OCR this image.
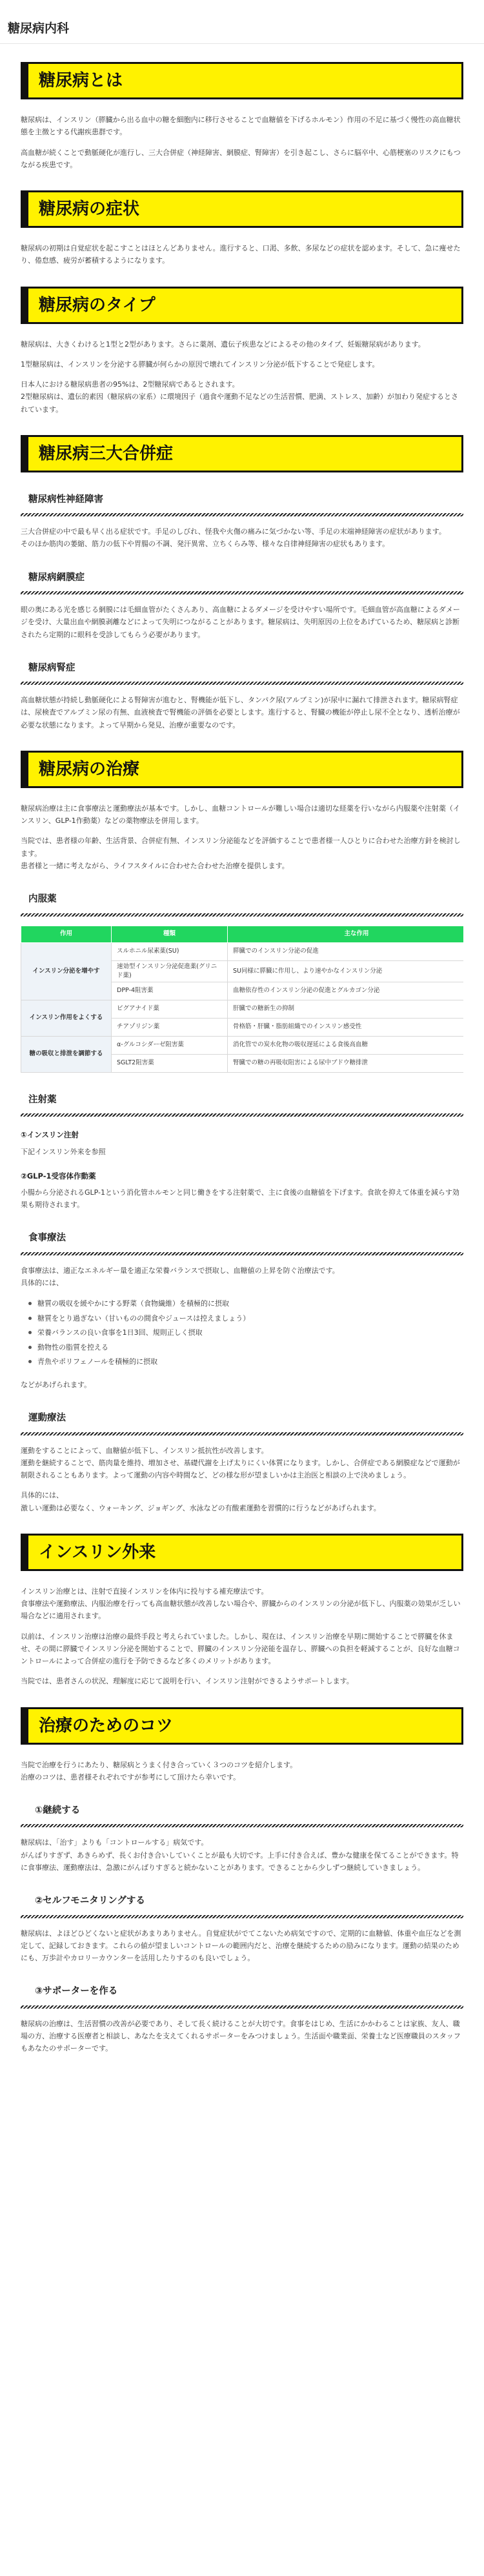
糖尿病内科
糖尿病とは

糖尿病は、インスリン（膵臓から出る血中の糖を細胞内に移行させることで血糖値を下げるホルモン）作用の不足に基づく慢性の高血糖状態を主徴とする代謝疾患群です。

高血糖が続くことで動脈硬化が進行し、三大合併症（神経障害、網膜症、腎障害）を引き起こし、さらに脳卒中、心筋梗塞のリスクにもつながる疾患です。

糖尿病の症状

糖尿病の初期は自覚症状を起こすことはほとんどありません。進行すると、口渇、多飲、多尿などの症状を認めます。そして、急に痩せたり、倦怠感、疲労が蓄積するようになります。

糖尿病のタイプ

糖尿病は、大きくわけると1型と2型があります。さらに薬剤、遺伝子疾患などによるその他のタイプ、妊娠糖尿病があります。

1型糖尿病は、インスリンを分泌する膵臓が何らかの原因で壊れてインスリン分泌が低下することで発症します。

日本人における糖尿病患者の95%は、2型糖尿病であるとされます。
2型糖尿病は、遺伝的素因（糖尿病の家系）に環境因子（過食や運動不足などの生活習慣、肥満、ストレス、加齢）が加わり発症するとされています。

糖尿病三大合併症
糖尿病性神経障害

三大合併症の中で最も早く出る症状です。手足のしびれ、怪我や火傷の痛みに気づかない等、手足の末端神経障害の症状があります。
そのほか筋肉の萎縮、筋力の低下や胃腸の不調、発汗異常、立ちくらみ等、様々な自律神経障害の症状もあります。

糖尿病網膜症

眼の奥にある光を感じる網膜には毛細血管がたくさんあり、高血糖によるダメージを受けやすい場所です。毛細血管が高血糖によるダメージを受け、大量出血や網膜剥離などによって失明につながることがあります。糖尿病は、失明原因の上位をあげているため、糖尿病と診断されたら定期的に眼科を受診してもらう必要があります。

糖尿病腎症

高血糖状態が持続し動脈硬化による腎障害が進むと、腎機能が低下し、タンパク尿(アルブミン)が尿中に漏れて排泄されます。糖尿病腎症は、尿検査でアルブミン尿の有無、血液検査で腎機能の評価を必要とします。進行すると、腎臓の機能が停止し尿不全となり、透析治療が必要な状態になります。よって早期から発見、治療が重要なのです。

糖尿病の治療

糖尿病治療は主に食事療法と運動療法が基本です。しかし、血糖コントロールが難しい場合は適切な経薬を行いながら内服薬や注射薬（インスリン、GLP-1作動薬）などの薬物療法を併用します。

当院では、患者様の年齢、生活背景、合併症有無、インスリン分泌能などを評価することで患者様一人ひとりに合わせた治療方針を検討します。
患者様と一緒に考えながら、ライフスタイルに合わせた合わせた治療を提供します。

内服薬
作用	種類	主な作用
インスリン分泌を増やす	スルホニル尿素薬(SU)	膵臓でのインスリン分泌の促進
	速効型インスリン分泌促進薬(グリニド薬)	SU同様に膵臓に作用し、より速やかなインスリン分泌
	DPP-4阻害薬	血糖依存性のインスリン分泌の促進とグルカゴン分泌
インスリン作用をよくする	ビグアナイド薬	肝臓での糖新生の抑制
	チアゾリジン薬	骨格筋・肝臓・脂肪組織でのインスリン感受性
糖の吸収と排泄を調節する	α-グルコシダーゼ阻害薬	消化管での炭水化物の吸収遅延による食後高血糖
	SGLT2阻害薬	腎臓での糖の再吸収阻害による尿中ブドウ糖排泄
注射薬
①インスリン注射

下記インスリン外来を参照

②GLP-1受容体作動薬

小腸から分泌されるGLP-1という消化管ホルモンと同じ働きをする注射薬で、主に食後の血糖値を下げます。食欲を抑えて体重を減らす効果も期待されます。

食事療法

食事療法は、適正なエネルギー量を適正な栄養バランスで摂取し、血糖値の上昇を防ぐ治療法です。
具体的には、

糖質の吸収を緩やかにする野菜（食物繊維）を積極的に摂取
糖質をとり過ぎない（甘いものの間食やジュースは控えましょう）
栄養バランスの良い食事を1日3回、規則正しく摂取
動物性の脂質を控える
青魚やポリフェノールを積極的に摂取

などがあげられます。

運動療法

運動をすることによって、血糖値が低下し、インスリン抵抗性が改善します。
運動を継続することで、筋肉量を維持、増加させ、基礎代謝を上げ太りにくい体質になります。しかし、合併症である網膜症などで運動が制限されることもあります。よって運動の内容や時間など、どの様な形が望ましいかは主治医と相談の上で決めましょう。

具体的には、
激しい運動は必要なく、ウォーキング、ジョギング、水泳などの有酸素運動を習慣的に行うなどがあげられます。

インスリン外来

インスリン治療とは、注射で直接インスリンを体内に投与する補充療法です。
食事療法や運動療法、内服治療を行っても高血糖状態が改善しない場合や、膵臓からのインスリンの分泌が低下し、内服薬の効果が乏しい場合などに適用されます。

以前は、インスリン治療は治療の最終手段と考えられていました。しかし、現在は、インスリン治療を早期に開始することで膵臓を休ませ、その間に膵臓でインスリン分泌を開始することで、膵臓のインスリン分泌能を温存し、膵臓への負担を軽減することが、良好な血糖コントロールによって合併症の進行を予防できるなど多くのメリットがあります。

当院では、患者さんの状況、理解度に応じて説明を行い、インスリン注射ができるようサポートします。

治療のためのコツ

当院で治療を行うにあたり、糖尿病とうまく付き合っていく３つのコツを紹介します。
治療のコツは、患者様それぞれですが参考にして頂けたら幸いです。

①継続する

糖尿病は、「治す」よりも「コントロールする」病気です。
がんばりすぎず、あきらめず、長くお付き合いしていくことが最も大切です。上手に付き合えば、豊かな健康を保てることができます。特に食事療法、運動療法は、急激にがんばりすぎると続かないことがあります。できることから少しずつ継続していきましょう。

②セルフモニタリングする

糖尿病は、よほどひどくないと症状があまりありません。自覚症状がでてこないため病気ですので、定期的に血糖値、体重や血圧などを測定して、記録しておきます。これらの値が望ましいコントロールの範囲内だと、治療を継続するための励みになります。運動の結果のためにも、万歩計やカロリーカウンターを活用したりするのも良いでしょう。

③サポーターを作る

糖尿病の治療は、生活習慣の改善が必要であり、そして長く続けることが大切です。食事をはじめ、生活にかかわることは家族、友人、職場の方、治療する医療者と相談し、あなたを支えてくれるサポーターをみつけましょう。生活面や職業面、栄養士など医療職員のスタッフもあなたのサポーターです。
